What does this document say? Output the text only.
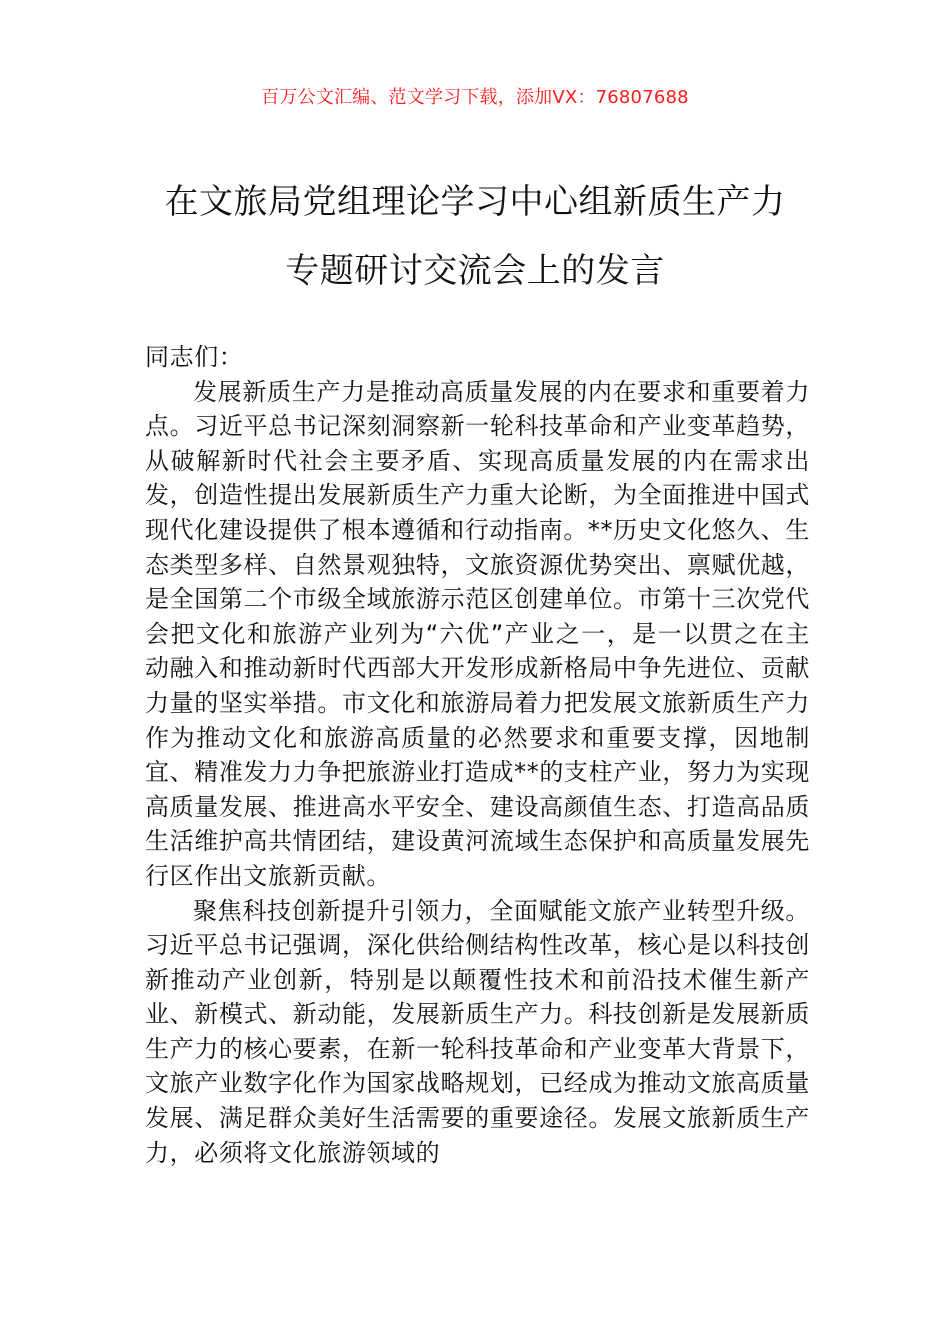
百万公文汇编、范文学习下载，添加VX：76807688
在文旅局党组理论学习中心组新质生产力
专题研讨交流会上的发言

同志们：

发展新质生产力是推动高质量发展的内在要求和重要着力点。习近平总书记深刻洞察新一轮科技革命和产业变革趋势，从破解新时代社会主要矛盾、实现高质量发展的内在需求出发，创造性提出发展新质生产力重大论断，为全面推进中国式现代化建设提供了根本遵循和行动指南。**历史文化悠久、生态类型多样、自然景观独特，文旅资源优势突出、禀赋优越，是全国第二个市级全域旅游示范区创建单位。市第十三次党代会把文化和旅游产业列为“六优”产业之一，是一以贯之在主动融入和推动新时代西部大开发形成新格局中争先进位、贡献力量的坚实举措。市文化和旅游局着力把发展文旅新质生产力作为推动文化和旅游高质量的必然要求和重要支撑，因地制宜、精准发力力争把旅游业打造成**的支柱产业，努力为实现高质量发展、推进高水平安全、建设高颜值生态、打造高品质生活维护高共情团结，建设黄河流域生态保护和高质量发展先行区作出文旅新贡献。

聚焦科技创新提升引领力，全面赋能文旅产业转型升级。习近平总书记强调，深化供给侧结构性改革，核心是以科技创新推动产业创新，特别是以颠覆性技术和前沿技术催生新产业、新模式、新动能，发展新质生产力。科技创新是发展新质生产力的核心要素，在新一轮科技革命和产业变革大背景下，文旅产业数字化作为国家战略规划，已经成为推动文旅高质量发展、满足群众美好生活需要的重要途径。发展文旅新质生产力，必须将文化旅游领域的
